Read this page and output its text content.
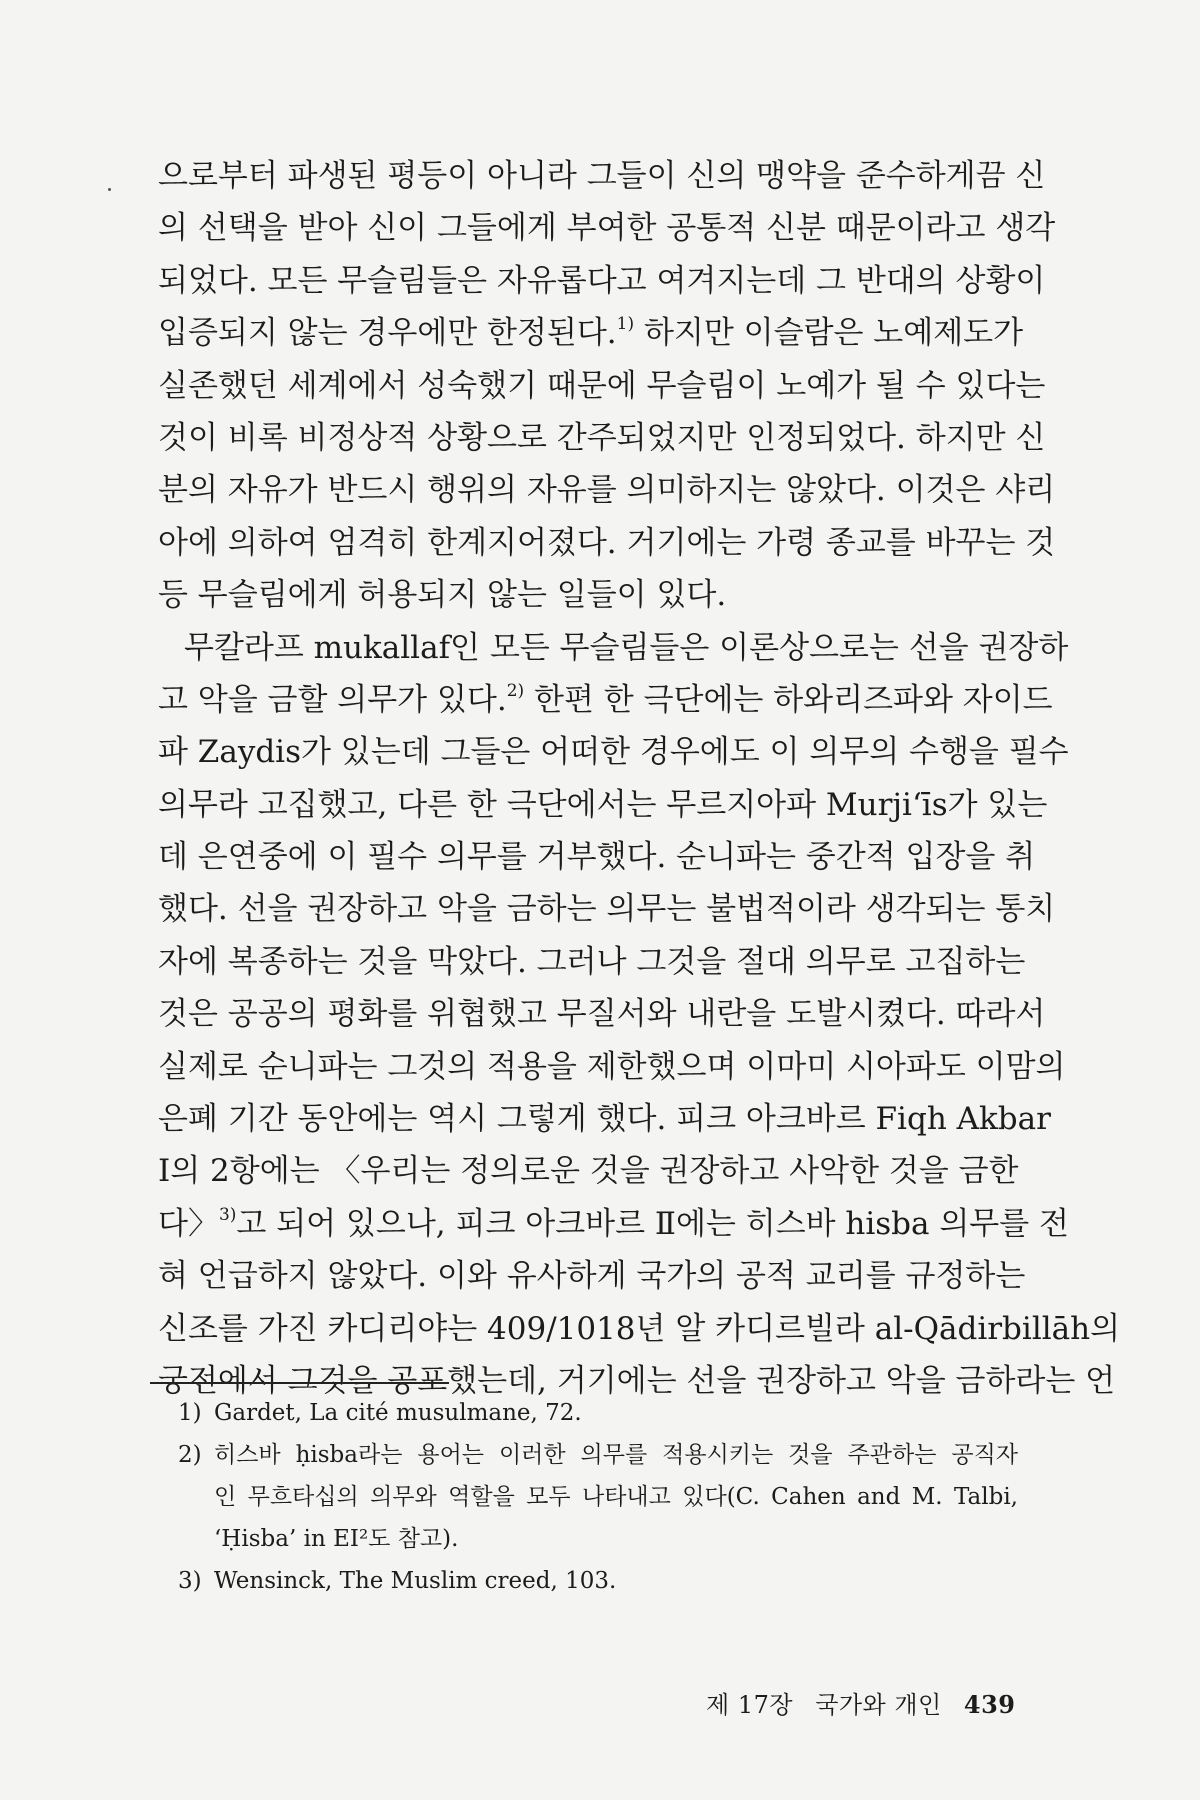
으로부터 파생된 평등이 아니라 그들이 신의 맹약을 준수하게끔 신
의 선택을 받아 신이 그들에게 부여한 공통적 신분 때문이라고 생각
되었다. 모든 무슬림들은 자유롭다고 여겨지는데 그 반대의 상황이
입증되지 않는 경우에만 한정된다.$^{1)}$ 하지만 이슬람은 노예제도가
실존했던 세계에서 성숙했기 때문에 무슬림이 노예가 될 수 있다는
것이 비록 비정상적 상황으로 간주되었지만 인정되었다. 하지만 신
분의 자유가 반드시 행위의 자유를 의미하지는 않았다. 이것은 샤리
아에 의하여 엄격히 한계지어졌다. 거기에는 가령 종교를 바꾸는 것
등 무슬림에게 허용되지 않는 일들이 있다.
무칼라프 mukallaf인 모든 무슬림들은 이론상으로는 선을 권장하
고 악을 금할 의무가 있다.$^{2)}$ 한편 한 극단에는 하와리즈파와 자이드
파 Zaydis가 있는데 그들은 어떠한 경우에도 이 의무의 수행을 필수
의무라 고집했고, 다른 한 극단에서는 무르지아파 Murji‘īs가 있는
데 은연중에 이 필수 의무를 거부했다. 순니파는 중간적 입장을 취
했다. 선을 권장하고 악을 금하는 의무는 불법적이라 생각되는 통치
자에 복종하는 것을 막았다. 그러나 그것을 절대 의무로 고집하는
것은 공공의 평화를 위협했고 무질서와 내란을 도발시켰다. 따라서
실제로 순니파는 그것의 적용을 제한했으며 이마미 시아파도 이맘의
은폐 기간 동안에는 역시 그렇게 했다. 피크 아크바르 Fiqh Akbar
Ⅰ의 2항에는 〈우리는 정의로운 것을 권장하고 사악한 것을 금한
다〉$^{3)}$고 되어 있으나, 피크 아크바르 Ⅱ에는 히스바 hisba 의무를 전
혀 언급하지 않았다. 이와 유사하게 국가의 공적 교리를 규정하는
신조를 가진 카디리야는 409/1018년 알 카디르빌라 al-Qādirbillāh의
궁전에서 그것을 공포했는데, 거기에는 선을 권장하고 악을 금하라는 언
1) Gardet, La cité musulmane, 72.
2) 히스바 ḥisba라는 용어는 이러한 의무를 적용시키는 것을 주관하는 공직자
인 무흐타십의 의무와 역할을 모두 나타내고 있다(C. Cahen and M. Talbi,
‘Ḥisba’ in EI²도 참고).
3) Wensinck, The Muslim creed, 103.
제 17장 국가와 개인 439
